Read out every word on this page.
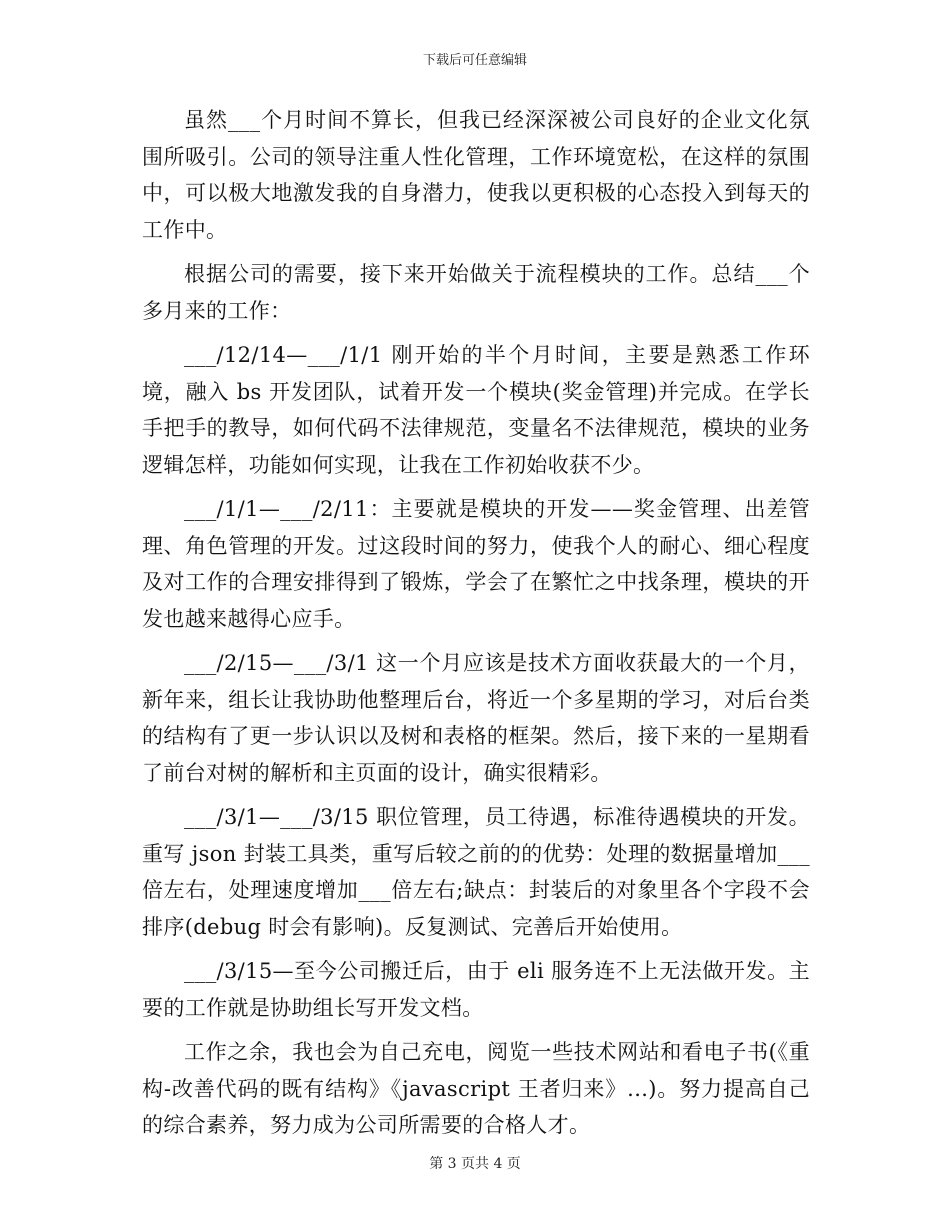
下载后可任意编辑

虽然___个月时间不算长，但我已经深深被公司良好的企业文化氛围所吸引。公司的领导注重人性化管理，工作环境宽松，在这样的氛围中，可以极大地激发我的自身潜力，使我以更积极的心态投入到每天的工作中。

根据公司的需要，接下来开始做关于流程模块的工作。总结___个多月来的工作：

___/12/14—___/1/1 刚开始的半个月时间，主要是熟悉工作环境，融入 bs 开发团队，试着开发一个模块(奖金管理)并完成。在学长手把手的教导，如何代码不法律规范，变量名不法律规范，模块的业务逻辑怎样，功能如何实现，让我在工作初始收获不少。

___/1/1—___/2/11：主要就是模块的开发——奖金管理、出差管理、角色管理的开发。过这段时间的努力，使我个人的耐心、细心程度及对工作的合理安排得到了锻炼，学会了在繁忙之中找条理，模块的开发也越来越得心应手。

___/2/15—___/3/1 这一个月应该是技术方面收获最大的一个月，新年来，组长让我协助他整理后台，将近一个多星期的学习，对后台类的结构有了更一步认识以及树和表格的框架。然后，接下来的一星期看了前台对树的解析和主页面的设计，确实很精彩。

___/3/1—___/3/15 职位管理，员工待遇，标准待遇模块的开发。重写 json 封装工具类，重写后较之前的的优势：处理的数据量增加___倍左右，处理速度增加___倍左右;缺点：封装后的对象里各个字段不会排序(debug 时会有影响)。反复测试、完善后开始使用。

___/3/15—至今公司搬迁后，由于 eli 服务连不上无法做开发。主要的工作就是协助组长写开发文档。

工作之余，我也会为自己充电，阅览一些技术网站和看电子书(《重构-改善代码的既有结构》《javascript 王者归来》...)。努力提高自己的综合素养，努力成为公司所需要的合格人才。

第 3 页共 4 页
